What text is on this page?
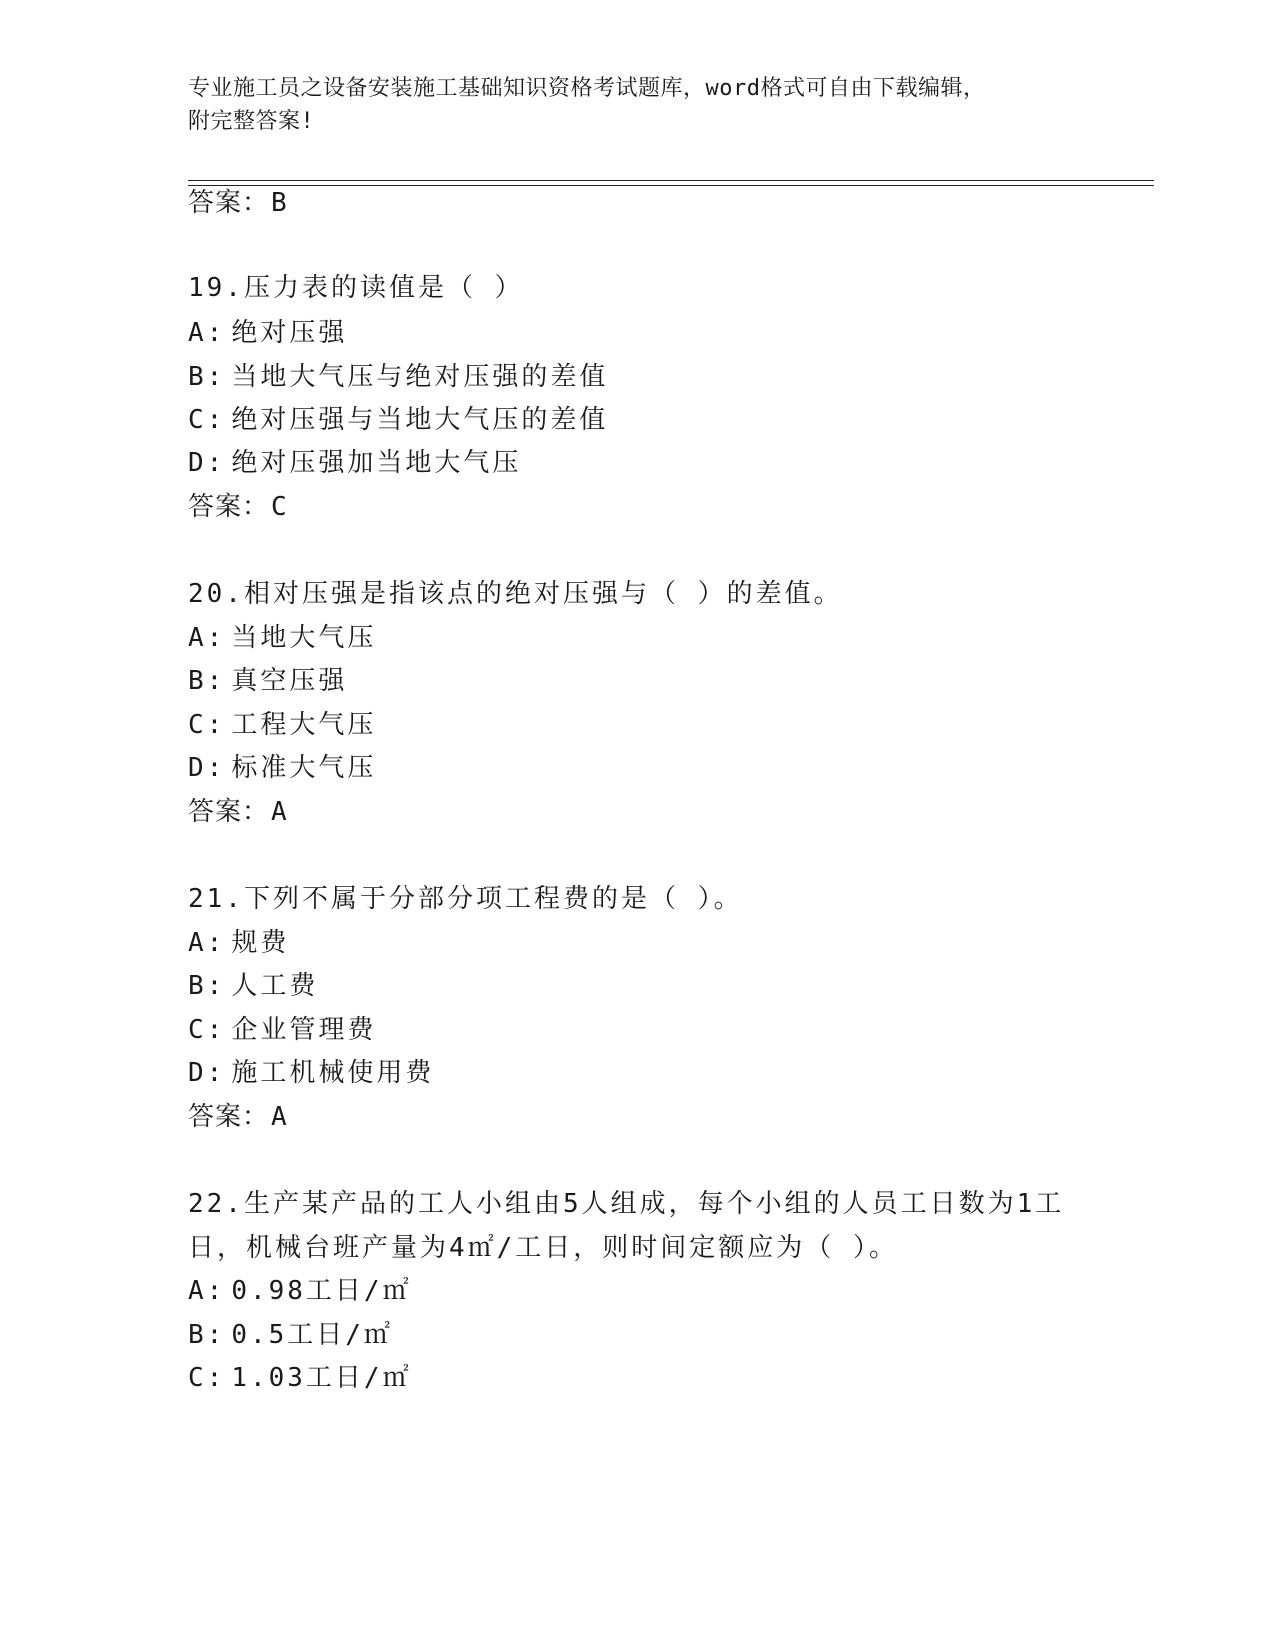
专业施工员之设备安装施工基础知识资格考试题库，word格式可自由下载编辑，
附完整答案!
答案：B
19.压力表的读值是（ ）
A: 绝对压强
B: 当地大气压与绝对压强的差值
C: 绝对压强与当地大气压的差值
D: 绝对压强加当地大气压
答案：C
20.相对压强是指该点的绝对压强与（ ）的差值。
A: 当地大气压
B: 真空压强
C: 工程大气压
D: 标准大气压
答案：A
21.下列不属于分部分项工程费的是（ ）。
A: 规费
B: 人工费
C: 企业管理费
D: 施工机械使用费
答案：A
22.生产某产品的工人小组由5人组成，每个小组的人员工日数为1工
日，机械台班产量为4㎡/工日，则时间定额应为（ ）。
A: 0.98工日/㎡
B: 0.5工日/㎡
C: 1.03工日/㎡
